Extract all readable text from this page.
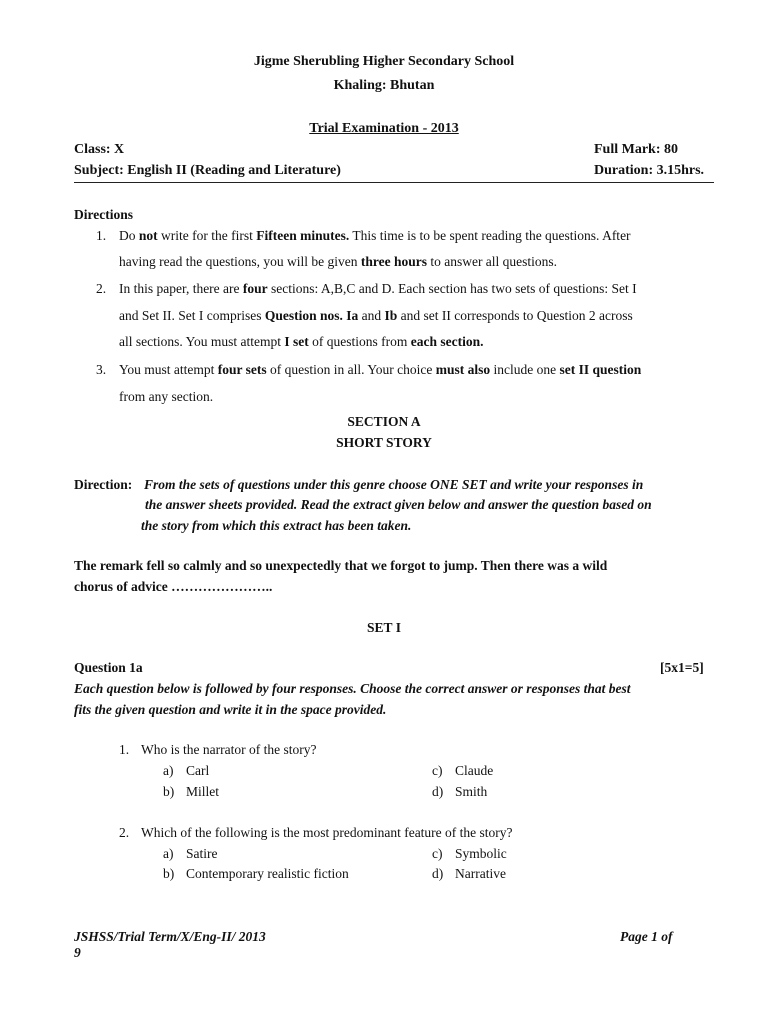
Jigme Sherubling Higher Secondary School
Khaling: Bhutan
Trial Examination - 2013
Class: X	Full Mark: 80
Subject: English II (Reading and Literature)	Duration: 3.15hrs.
Directions
1. Do not write for the first Fifteen minutes. This time is to be spent reading the questions. After
having read the questions, you will be given three hours to answer all questions.
2. In this paper, there are four sections: A,B,C and D. Each section has two sets of questions: Set I
and Set II. Set I comprises Question nos. Ia and Ib and set II corresponds to Question 2 across
all sections. You must attempt I set of questions from each section.
3. You must attempt four sets of question in all. Your choice must also include one set II question
from any section.
SECTION A
SHORT STORY
Direction: From the sets of questions under this genre choose ONE SET and write your responses in
the answer sheets provided. Read the extract given below and answer the question based on
the story from which this extract has been taken.
The remark fell so calmly and so unexpectedly that we forgot to jump. Then there was a wild
chorus of advice …………………..
SET I
Question 1a	[5x1=5]
Each question below is followed by four responses. Choose the correct answer or responses that best
fits the given question and write it in the space provided.
1. Who is the narrator of the story?
a) Carl	c) Claude
b) Millet	d) Smith
2. Which of the following is the most predominant feature of the story?
a) Satire	c) Symbolic
b) Contemporary realistic fiction	d) Narrative
JSHSS/Trial Term/X/Eng-II/ 2013	Page 1 of
9
